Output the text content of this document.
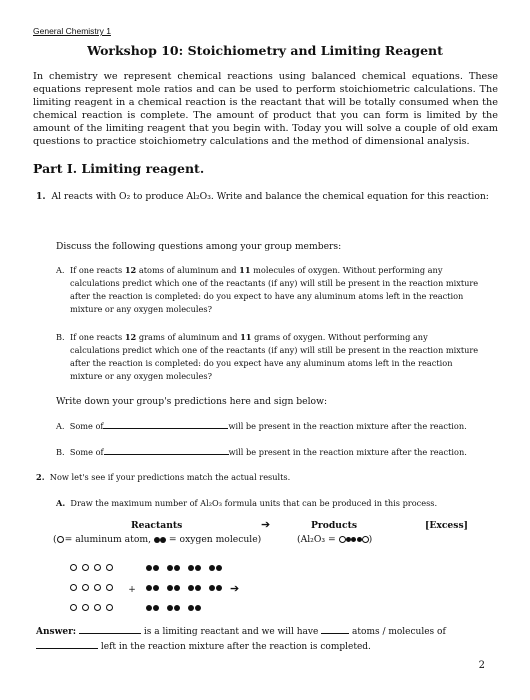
General Chemistry 1
Workshop 10: Stoichiometry and Limiting Reagent
In chemistry we represent chemical reactions using balanced chemical equations. These equations represent mole ratios and can be used to perform stoichiometric calculations. The limiting reagent in a chemical reaction is the reactant that will be totally consumed when the chemical reaction is complete. The amount of product that you can form is limited by the amount of the limiting reagent that you begin with. Today you will solve a couple of old exam questions to practice stoichiometry calculations and the method of dimensional analysis.
Part I. Limiting reagent.
1. Al reacts with O₂ to produce Al₂O₃. Write and balance the chemical equation for this reaction:
Discuss the following questions among your group members:
A. If one reacts 12 atoms of aluminum and 11 molecules of oxygen. Without performing any calculations predict which one of the reactants (if any) will still be present in the reaction mixture after the reaction is completed: do you expect to have any aluminum atoms left in the reaction mixture or any oxygen molecules?
B. If one reacts 12 grams of aluminum and 11 grams of oxygen. Without performing any calculations predict which one of the reactants (if any) will still be present in the reaction mixture after the reaction is completed: do you expect have any aluminum atoms left in the reaction mixture or any oxygen molecules?
Write down your group's predictions here and sign below:
A. Some of	will be present in the reaction mixture after the reaction.
B. Some of	will be present in the reaction mixture after the reaction.
2. Now let's see if your predictions match the actual results.
A. Draw the maximum number of Al₂O₃ formula units that can be produced in this process.
Reactants	➔	Products	[Excess]
( = aluminum atom, = oxygen molecule)	(Al₂O₃ =	)
+	➔
Answer:	is a limiting reactant and we will have	atoms / molecules of
left in the reaction mixture after the reaction is completed.
2
